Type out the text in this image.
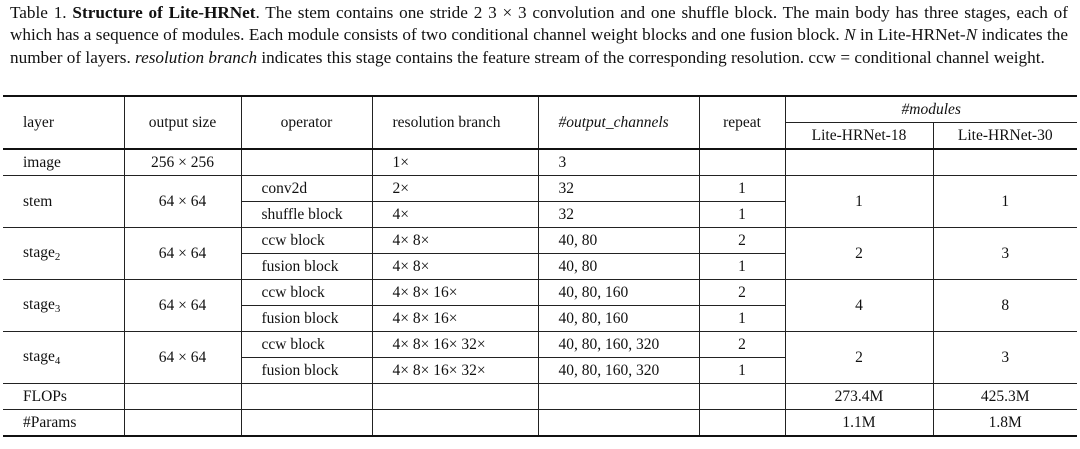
Table 1. Structure of Lite-HRNet. The stem contains one stride 2 3 × 3 convolution and one shuffle block. The main body has three stages, each of which has a sequence of modules. Each module consists of two conditional channel weight blocks and one fusion block. N in Lite-HRNet-N indicates the number of layers. resolution branch indicates this stage contains the feature stream of the corresponding resolution. ccw = conditional channel weight.
layer	output size	operator	resolution branch	#output_channels	repeat	#modules	
						Lite-HRNet-18	Lite-HRNet-30
image	256 × 256		1×	3			
stem	64 × 64	conv2d	2×	32	1	1	1
		shuffle block	4×	32	1		
stage$_2$	64 × 64	ccw block	4× 8×	40, 80	2	2	3
		fusion block	4× 8×	40, 80	1		
stage$_3$	64 × 64	ccw block	4× 8× 16×	40, 80, 160	2	4	8
		fusion block	4× 8× 16×	40, 80, 160	1		
stage$_4$	64 × 64	ccw block	4× 8× 16× 32×	40, 80, 160, 320	2	2	3
		fusion block	4× 8× 16× 32×	40, 80, 160, 320	1		
FLOPs						273.4M	425.3M
#Params						1.1M	1.8M
